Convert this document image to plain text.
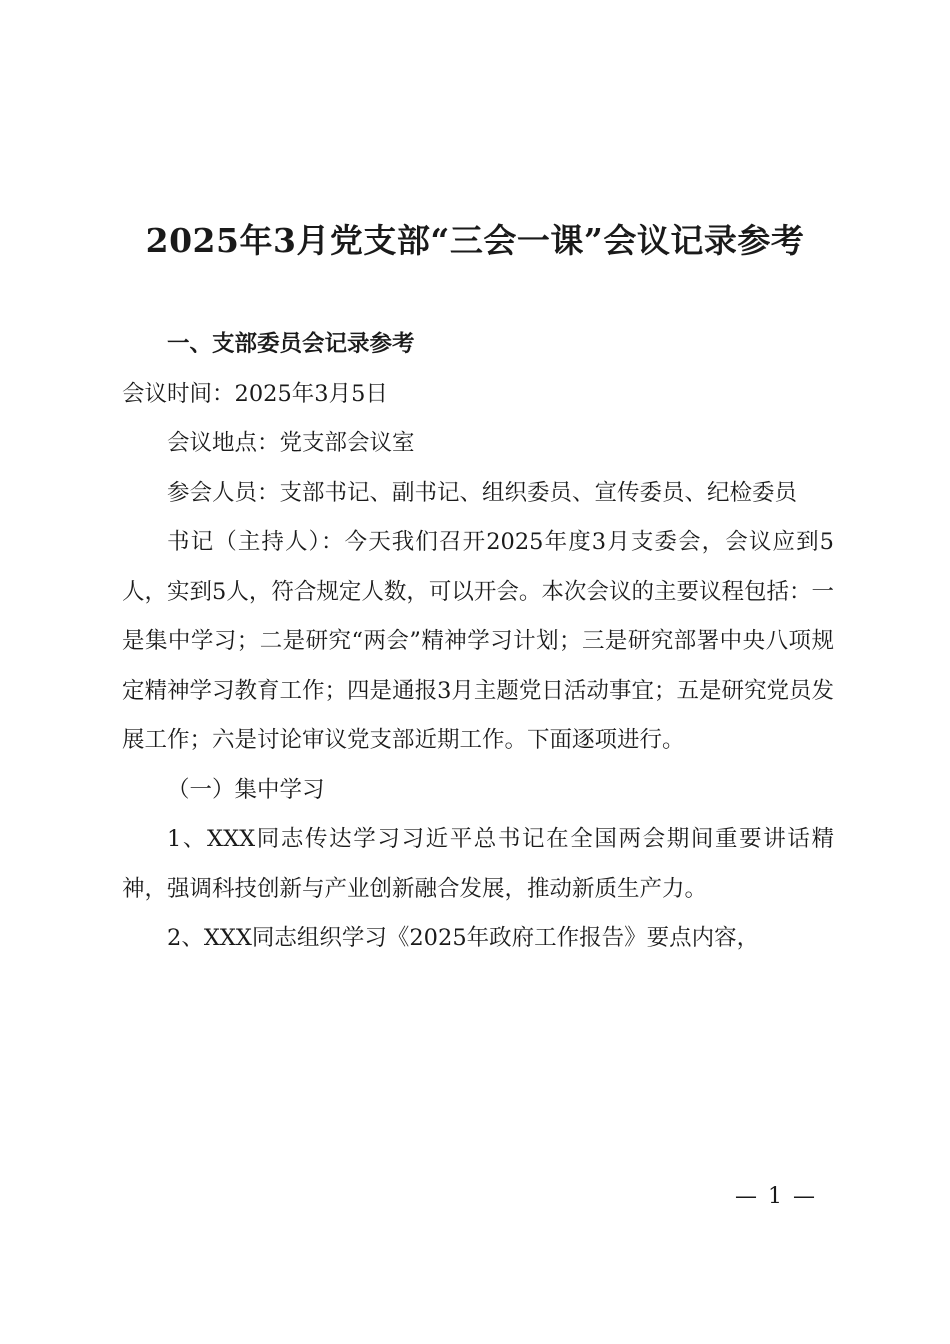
2025年3月党支部“三会一课”会议记录参考

一、支部委员会记录参考

会议时间：2025年3月5日

会议地点：党支部会议室

参会人员：支部书记、副书记、组织委员、宣传委员、纪检委员

书记（主持人）：今天我们召开2025年度3月支委会，会议应到5人，实到5人，符合规定人数，可以开会。本次会议的主要议程包括：一是集中学习；二是研究“两会”精神学习计划；三是研究部署中央八项规定精神学习教育工作；四是通报3月主题党日活动事宜；五是研究党员发展工作；六是讨论审议党支部近期工作。下面逐项进行。

（一）集中学习

1、XXX同志传达学习习近平总书记在全国两会期间重要讲话精神，强调科技创新与产业创新融合发展，推动新质生产力。

2、XXX同志组织学习《2025年政府工作报告》要点内容，

— 1 —
